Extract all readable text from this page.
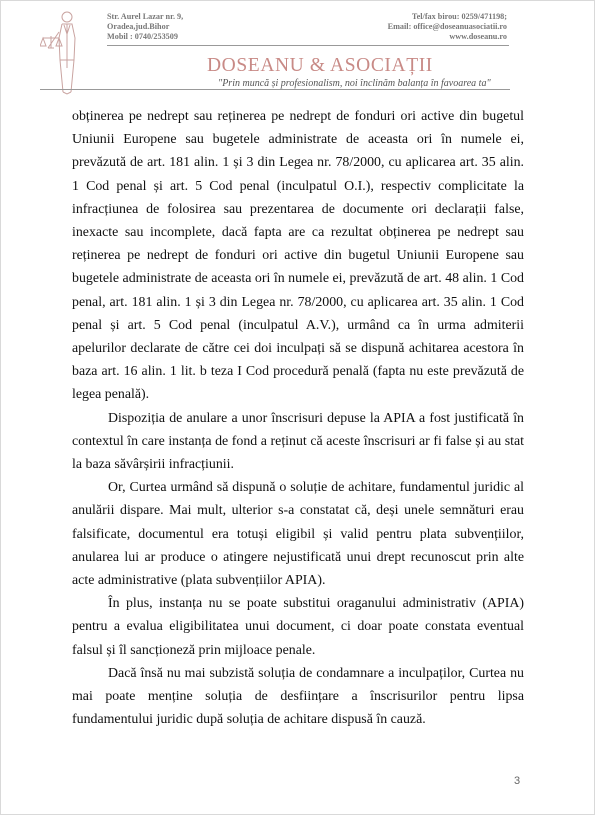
Str. Aurel Lazar nr. 9,
Oradea,jud.Bihor
Mobil : 0740/253509
Tel/fax birou: 0259/471198;
Email: office@doseanuasociatii.ro
www.doseanu.ro
DOSEANU & ASOCIAȚII
"Prin muncă și profesionalism, noi înclinăm balanța în favoarea ta"

obținerea pe nedrept sau reținerea pe nedrept de fonduri ori active din bugetul Uniunii Europene sau bugetele administrate de aceasta ori în numele ei, prevăzută de art. 181 alin. 1 și 3 din Legea nr. 78/2000, cu aplicarea art. 35 alin. 1 Cod penal și art. 5 Cod penal (inculpatul O.I.), respectiv complicitate la infracțiunea de folosirea sau prezentarea de documente ori declarații false, inexacte sau incomplete, dacă fapta are ca rezultat obținerea pe nedrept sau reținerea pe nedrept de fonduri ori active din bugetul Uniunii Europene sau bugetele administrate de aceasta ori în numele ei, prevăzută de art. 48 alin. 1 Cod penal, art. 181 alin. 1 și 3 din Legea nr. 78/2000, cu aplicarea art. 35 alin. 1 Cod penal și art. 5 Cod penal (inculpatul A.V.), urmând ca în urma admiterii apelurilor declarate de către cei doi inculpați să se dispună achitarea acestora în baza art. 16 alin. 1 lit. b teza I Cod procedură penală (fapta nu este prevăzută de legea penală).

Dispoziția de anulare a unor înscrisuri depuse la APIA a fost justificată în contextul în care instanța de fond a reținut că aceste înscrisuri ar fi false și au stat la baza săvârșirii infracțiunii.

Or, Curtea urmând să dispună o soluție de achitare, fundamentul juridic al anulării dispare. Mai mult, ulterior s-a constatat că, deși unele semnături erau falsificate, documentul era totuși eligibil și valid pentru plata subvențiilor, anularea lui ar produce o atingere nejustificată unui drept recunoscut prin alte acte administrative (plata subvențiilor APIA).

În plus, instanța nu se poate substitui oraganului administrativ (APIA) pentru a evalua eligibilitatea unui document, ci doar poate constata eventual falsul și îl sancționeză prin mijloace penale.

Dacă însă nu mai subzistă soluția de condamnare a inculpaților, Curtea nu mai poate menține soluția de desființare a înscrisurilor pentru lipsa fundamentului juridic după soluția de achitare dispusă în cauză.

3
